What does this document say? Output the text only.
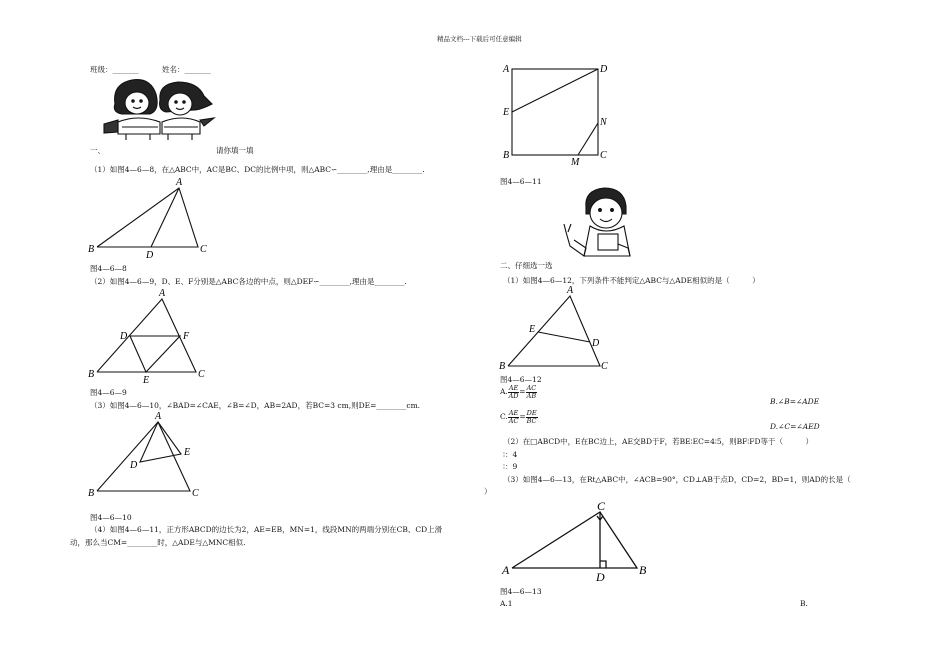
精品文档---下载后可任意编辑
班级：_______	姓名：_______
一、	请你填一填
（1）如图4—6—8，在△ABC中，AC是BC、DC的比例中项，则△ABC∽________,理由是________.
A
B	C
D
图4—6—8
（2）如图4—6—9，D、E、F分别是△ABC各边的中点，则△DEF∽________,理由是________.
A
B	C
D
E
F
图4—6—9
（3）如图4—6—10，∠BAD=∠CAE，∠B=∠D，AB=2AD，若BC=3 cm,则DE=________cm.
A
B	C
D
E
图4—6—10
（4）如图4—6—11，正方形ABCD的边长为2，AE=EB，MN=1，线段MN的两端分别在CB、CD上滑
动，那么当CM=________时，△ADE与△MNC相似.
A	D
E
N
B	C
M
图4—6—11
二、仔细选一选
（1）如图4—6—12，下列条件不能判定△ABC与△ADE相似的是（　　　）
A
B	C
E
D
图4—6—12
A. $\frac{AE}{AD} = \frac{AC}{AB}$
B.∠B=∠ADE
C. $\frac{AE}{AC} = \frac{DE}{BC}$
D.∠C=∠AED
（2）在□ABCD中，E在BC边上，AE交BD于F，若BE∶EC=4∶5，则BF∶FD等于（　　　）
∶：4
∶：9
（3）如图4—6—13，在Rt△ABC中，∠ACB=90°，CD⊥AB于点D，CD=2，BD=1，则AD的长是（
）
C
A	B
D
图4—6—13
A.1	B.
